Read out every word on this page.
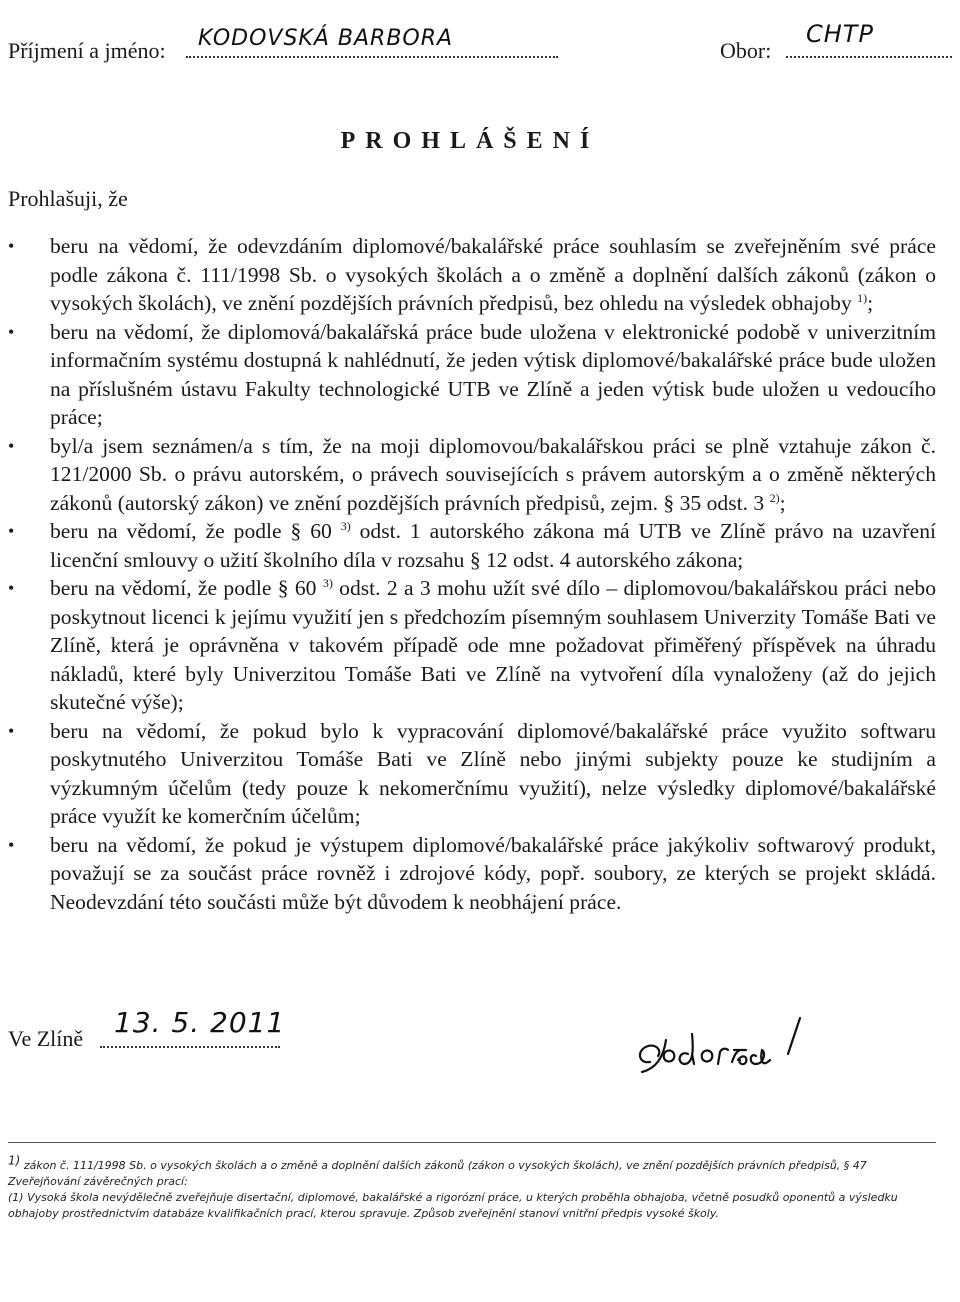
Příjmení a jméno: KODOVSKÁ BARBORA	Obor:
CHTP
PROHLÁŠENÍ
Prohlašuji, že
• beru na vědomí, že odevzdáním diplomové/bakalářské práce souhlasím se zveřejněním své práce podle zákona č. 111/1998 Sb. o vysokých školách a o změně a doplnění dalších zákonů (zákon o vysokých školách), ve znění pozdějších právních předpisů, bez ohledu na výsledek obhajoby $^{1)}$;
• beru na vědomí, že diplomová/bakalářská práce bude uložena v elektronické podobě v univerzitním informačním systému dostupná k nahlédnutí, že jeden výtisk diplomové/bakalářské práce bude uložen na příslušném ústavu Fakulty technologické UTB ve Zlíně a jeden výtisk bude uložen u vedoucího práce;
• byl/a jsem seznámen/a s tím, že na moji diplomovou/bakalářskou práci se plně vztahuje zákon č. 121/2000 Sb. o právu autorském, o právech souvisejících s právem autorským a o změně některých zákonů (autorský zákon) ve znění pozdějších právních předpisů, zejm. § 35 odst. 3 $^{2)}$;
• beru na vědomí, že podle § 60 $^{3)}$ odst. 1 autorského zákona má UTB ve Zlíně právo na uzavření licenční smlouvy o užití školního díla v rozsahu § 12 odst. 4 autorského zákona;
• beru na vědomí, že podle § 60 $^{3)}$ odst. 2 a 3 mohu užít své dílo – diplomovou/bakalářskou práci nebo poskytnout licenci k jejímu využití jen s předchozím písemným souhlasem Univerzity Tomáše Bati ve Zlíně, která je oprávněna v takovém případě ode mne požadovat přiměřený příspěvek na úhradu nákladů, které byly Univerzitou Tomáše Bati ve Zlíně na vytvoření díla vynaloženy (až do jejich skutečné výše);
• beru na vědomí, že pokud bylo k vypracování diplomové/bakalářské práce využito softwaru poskytnutého Univerzitou Tomáše Bati ve Zlíně nebo jinými subjekty pouze ke studijním a výzkumným účelům (tedy pouze k nekomerčnímu využití), nelze výsledky diplomové/bakalářské práce využít ke komerčním účelům;
• beru na vědomí, že pokud je výstupem diplomové/bakalářské práce jakýkoliv softwarový produkt, považují se za součást práce rovněž i zdrojové kódy, popř. soubory, ze kterých se projekt skládá. Neodevzdání této součásti může být důvodem k neobhájení práce.
Ve Zlíně 13. 5. 2011

$^{1)}$ zákon č. 111/1998 Sb. o vysokých školách a o změně a doplnění dalších zákonů (zákon o vysokých školách), ve znění pozdějších právních předpisů, § 47 Zveřejňování závěrečných prací:

(1) Vysoká škola nevýdělečně zveřejňuje disertační, diplomové, bakalářské a rigorózní práce, u kterých proběhla obhajoba, včetně posudků oponentů a výsledku obhajoby prostřednictvím databáze kvalifikačních prací, kterou spravuje. Způsob zveřejnění stanoví vnitřní předpis vysoké školy.
